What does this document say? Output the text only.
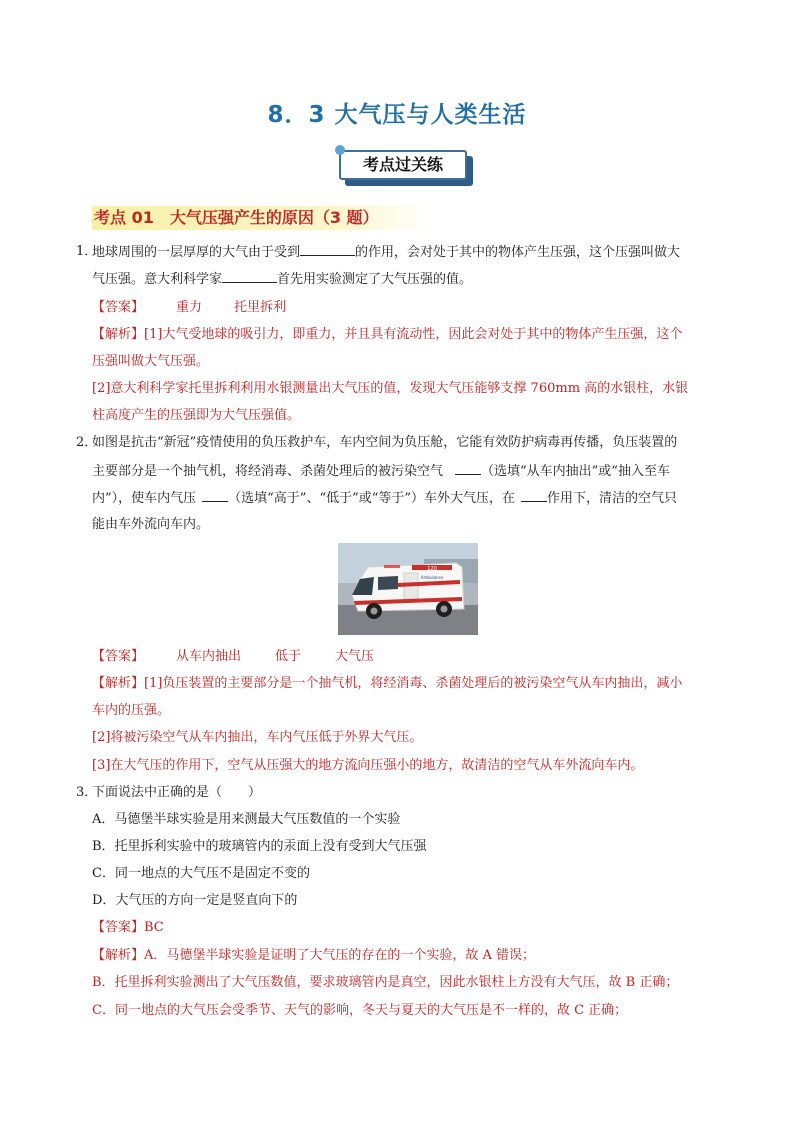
8．3 大气压与人类生活
考点过关练
考点 01　大气压强产生的原因（3 题）
1．
地球周围的一层厚厚的大气由于受到	的作用，会对处于其中的物体产生压强，这个压强叫做大
气压强。意大利科学家	首先用实验测定了大气压强的值。
【答案】 重力 托里拆利
【解析】[1]大气受地球的吸引力，即重力，并且具有流动性，因此会对处于其中的物体产生压强，这个
压强叫做大气压强。
[2]意大利科学家托里拆利利用水银测量出大气压的值，发现大气压能够支撑 760mm 高的水银柱，水银
柱高度产生的压强即为大气压强值。
2．
如图是抗击“新冠”疫情使用的负压救护车，车内空间为负压舱，它能有效防护病毒再传播，负压装置的
主要部分是一个抽气机，将经消毒、杀菌处理后的被污染空气	（选填“从车内抽出”或“抽入至车
内”），使车内气压 （选填“高于”、“低于”或“等于”）车外大气压，在 作用下，清洁的空气只
能由车外流向车内。
120
Ambulance
【答案】 从车内抽出	低于	大气压
【解析】[1]负压装置的主要部分是一个抽气机，将经消毒、杀菌处理后的被污染空气从车内抽出，减小
车内的压强。
[2]将被污染空气从车内抽出，车内气压低于外界大气压。
[3]在大气压的作用下，空气从压强大的地方流向压强小的地方，故清洁的空气从车外流向车内。
3．
下面说法中正确的是（　　）
A．马德堡半球实验是用来测最大气压数值的一个实验
B．托里拆利实验中的玻璃管内的汞面上没有受到大气压强
C．同一地点的大气压不是固定不变的
D．大气压的方向一定是竖直向下的
【答案】BC
【解析】A．马德堡半球实验是证明了大气压的存在的一个实验，故 A 错误；
B．托里拆利实验测出了大气压数值，要求玻璃管内是真空，因此水银柱上方没有大气压，故 B 正确；
C．同一地点的大气压会受季节、天气的影响，冬天与夏天的大气压是不一样的，故 C 正确；
